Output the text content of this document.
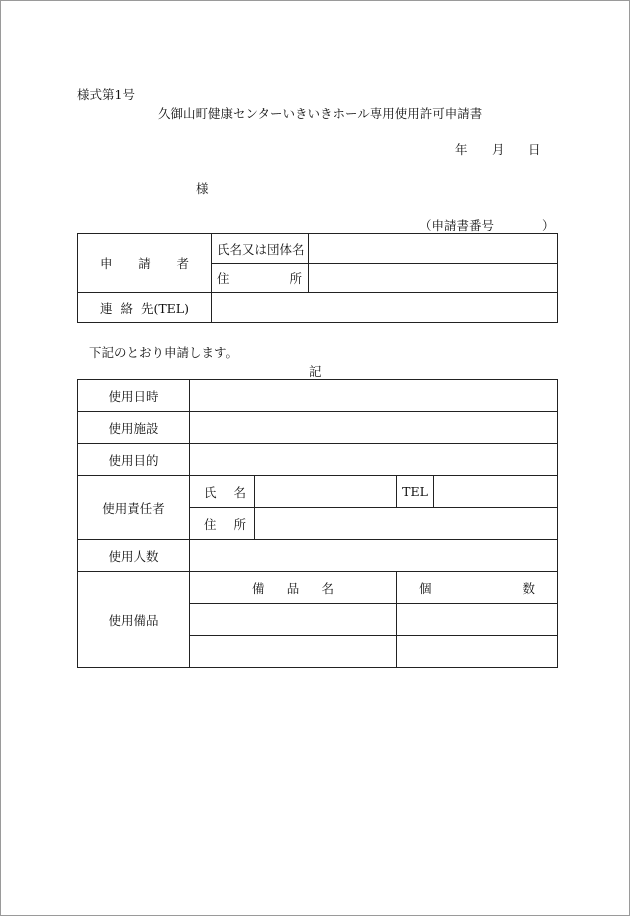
様式第1号
久御山町健康センターいきいきホール専用使用許可申請書
年 月 日
様
（申請書番号	）
申 請 者	氏名又は団体名	

	住 所	

連 絡 先(TEL)		

下記のとおり申請します。
記
使用日時				
使用施設				
使用目的				
使用責任者	氏 名		TEL	

	住 所			

使用人数				
使用備品	備 品 名		個 数	
